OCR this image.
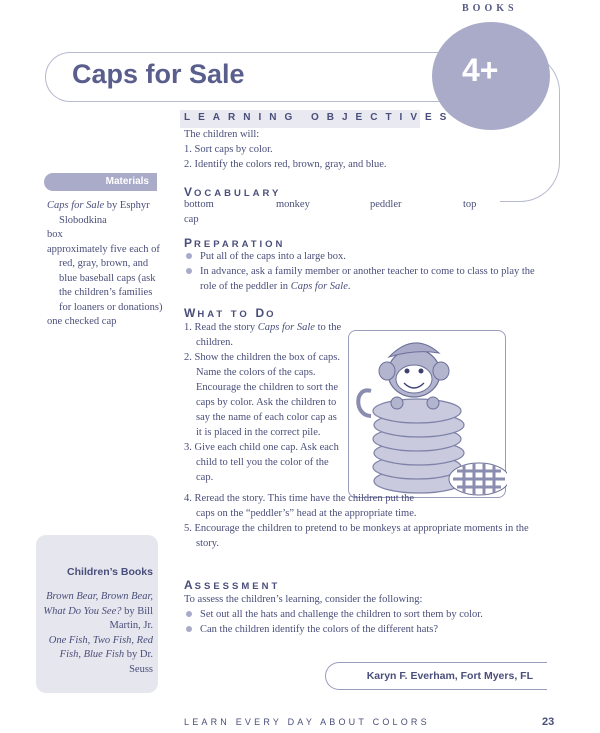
BOOKS
Caps for Sale	4+
LEARNING OBJECTIVES
The children will:
1. Sort caps by color.
2. Identify the colors red, brown, gray, and blue.
Materials
Caps for Sale by Esphyr Slobodkina
box
approximately five each of red, gray, brown, and blue baseball caps (ask the children’s families for loaners or donations)
one checked cap
VOCABULARY
bottom	monkey	peddler	top
cap
PREPARATION
Put all of the caps into a large box.
In advance, ask a family member or another teacher to come to class to play the role of the peddler in Caps for Sale.
WHAT TO DO
1. Read the story Caps for Sale to the children.
2. Show the children the box of caps. Name the colors of the caps. Encourage the children to sort the caps by color. Ask the children to say the name of each color cap as it is placed in the correct pile.
3. Give each child one cap. Ask each child to tell you the color of the cap.
4. Reread the story. This time have the children put the caps on the “peddler’s” head at the appropriate time.
5. Encourage the children to pretend to be monkeys at appropriate moments in the story.
ASSESSMENT
To assess the children’s learning, consider the following:
Set out all the hats and challenge the children to sort them by color.
Can the children identify the colors of the different hats?
Children’s Books
Brown Bear, Brown Bear, What Do You See? by Bill Martin, Jr.
One Fish, Two Fish, Red Fish, Blue Fish by Dr. Seuss
Karyn F. Everham, Fort Myers, FL
LEARN EVERY DAY ABOUT COLORS	23
